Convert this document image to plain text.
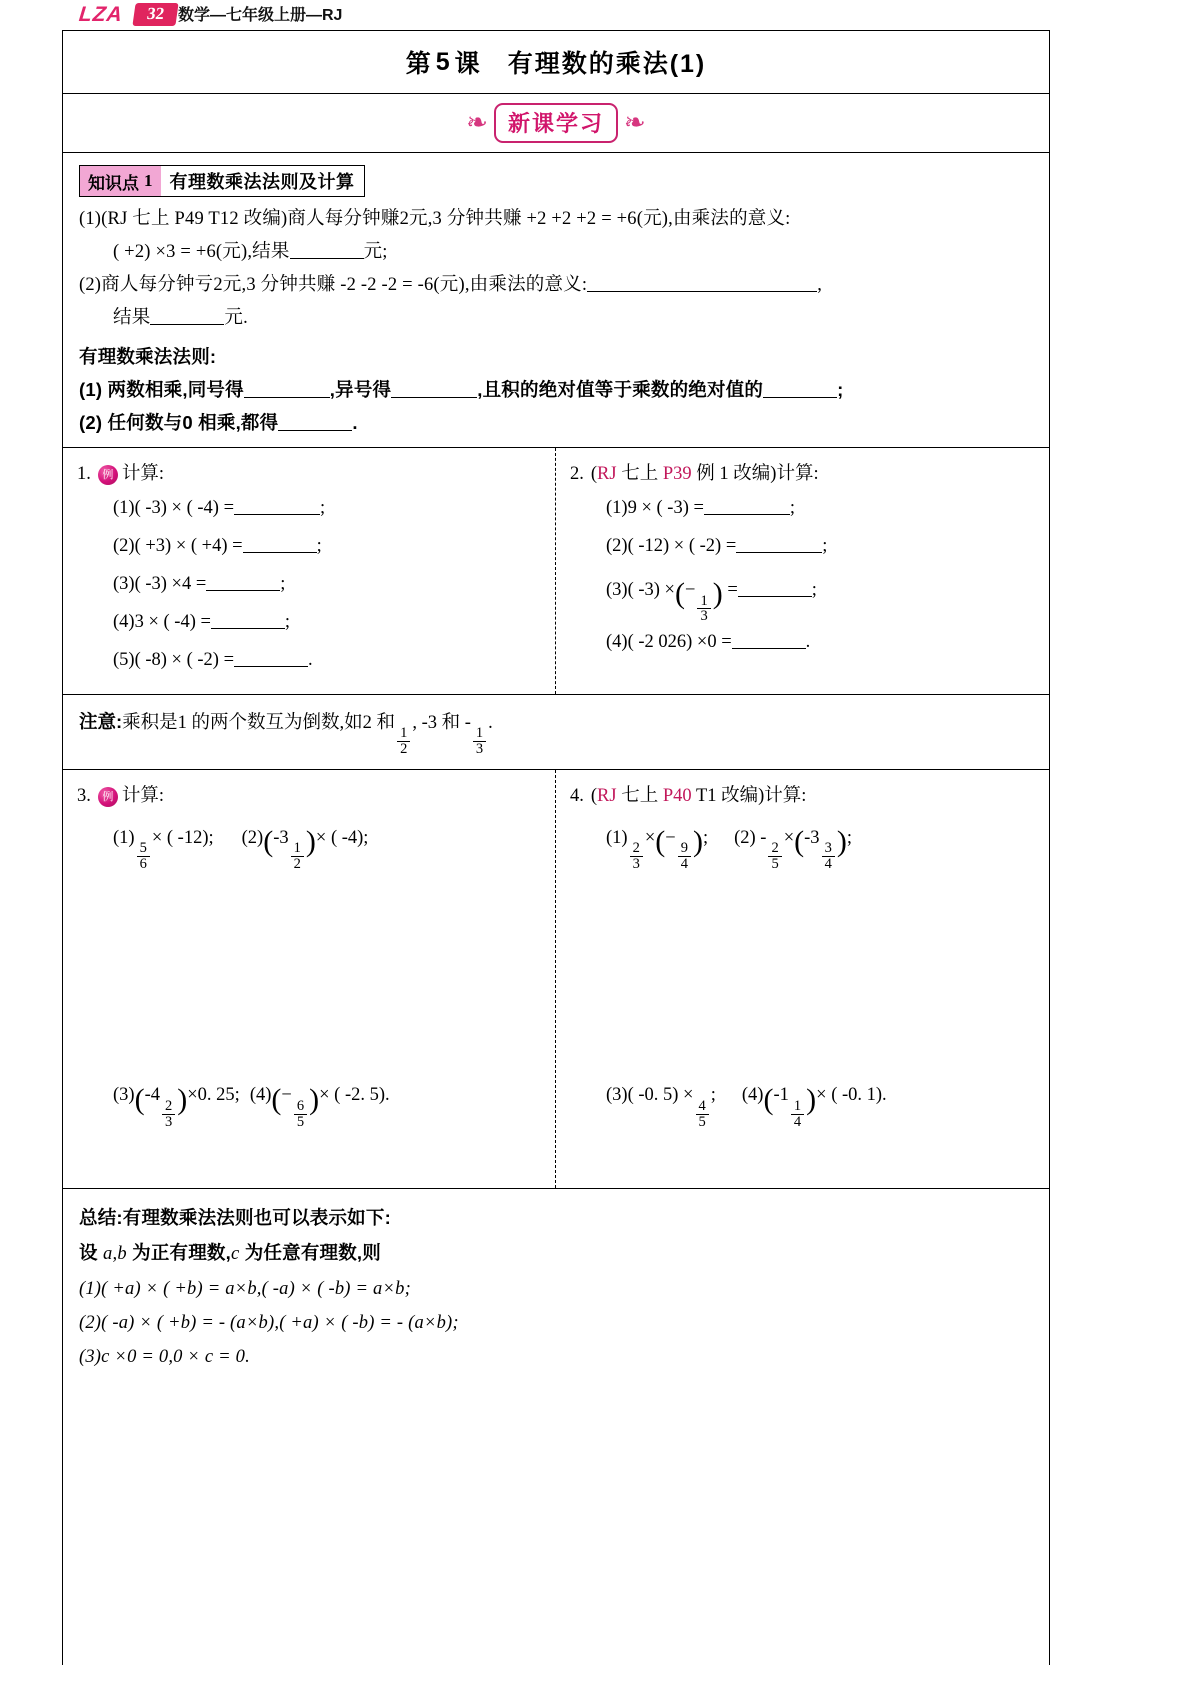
LZA	32 数学—七年级上册—RJ
第 5 课 有理数的乘法(1)
❧ 新课学习 ❧
知识点 1 有理数乘法法则及计算
(1)(RJ 七上 P49 T12 改编)商人每分钟赚2元,3 分钟共赚 +2 +2 +2 = +6(元),由乘法的意义:
( +2) ×3 = +6(元),结果	元;
(2)商人每分钟亏2元,3 分钟共赚 -2 -2 -2 = -6(元),由乘法的意义:	,
结果	元.
有理数乘法法则:
(1) 两数相乘,同号得	,异号得	,且积的绝对值等于乘数的绝对值的	;
(2) 任何数与0 相乘,都得	.
1.	例 计算:
(1)( -3) × ( -4) =	;
(2)( +3) × ( +4) =	;
(3)( -3) ×4 =	;
(4)3 × ( -4) =	;
(5)( -8) × ( -2) =	.
2. (RJ 七上 P39 例 1 改编) 计算:
(1)9 × ( -3) =	;
(2)( -12) × ( -2) =	;
(3)( -3) ×(−
$\frac{1}{3}$ ) =	;
(4)( -2 026) ×0 =	.
注意:乘积是1 的两个数互为倒数,如2 和
$\frac{1}{2}$
, -3 和 -
$\frac{1}{3}$
.
3.	例 计算:
(1)
$\frac{5}{6}$
× ( -12); (2)(-3
$\frac{1}{2}$ )× ( -4);
(3)(-4
$\frac{2}{3} )\times 0$. 25; (4)(−
$\frac{6}{5}$ )× ( -2. 5).
4. (RJ 七上 P40 T1 改编) 计算:
(1)
$\frac{2}{3}$
×(−
$\frac{9}{4}$ ); (2) -
$\frac{2}{5}$
×(-3
$\frac{3}{4}$ );
(3)( -0. 5) ×
$\frac{4}{5}$
; (4)(-1
$\frac{1}{4}$ )× ( -0. 1).
总结:有理数乘法法则也可以表示如下:
设 a,b 为正有理数,c 为任意有理数,则
(1)( +a) × ( +b) = a×b,( -a) × ( -b) = a×b;
(2)( -a) × ( +b) = - (a×b),( +a) × ( -b) = - (a×b);
(3)c ×0 = 0,0 × c = 0.
